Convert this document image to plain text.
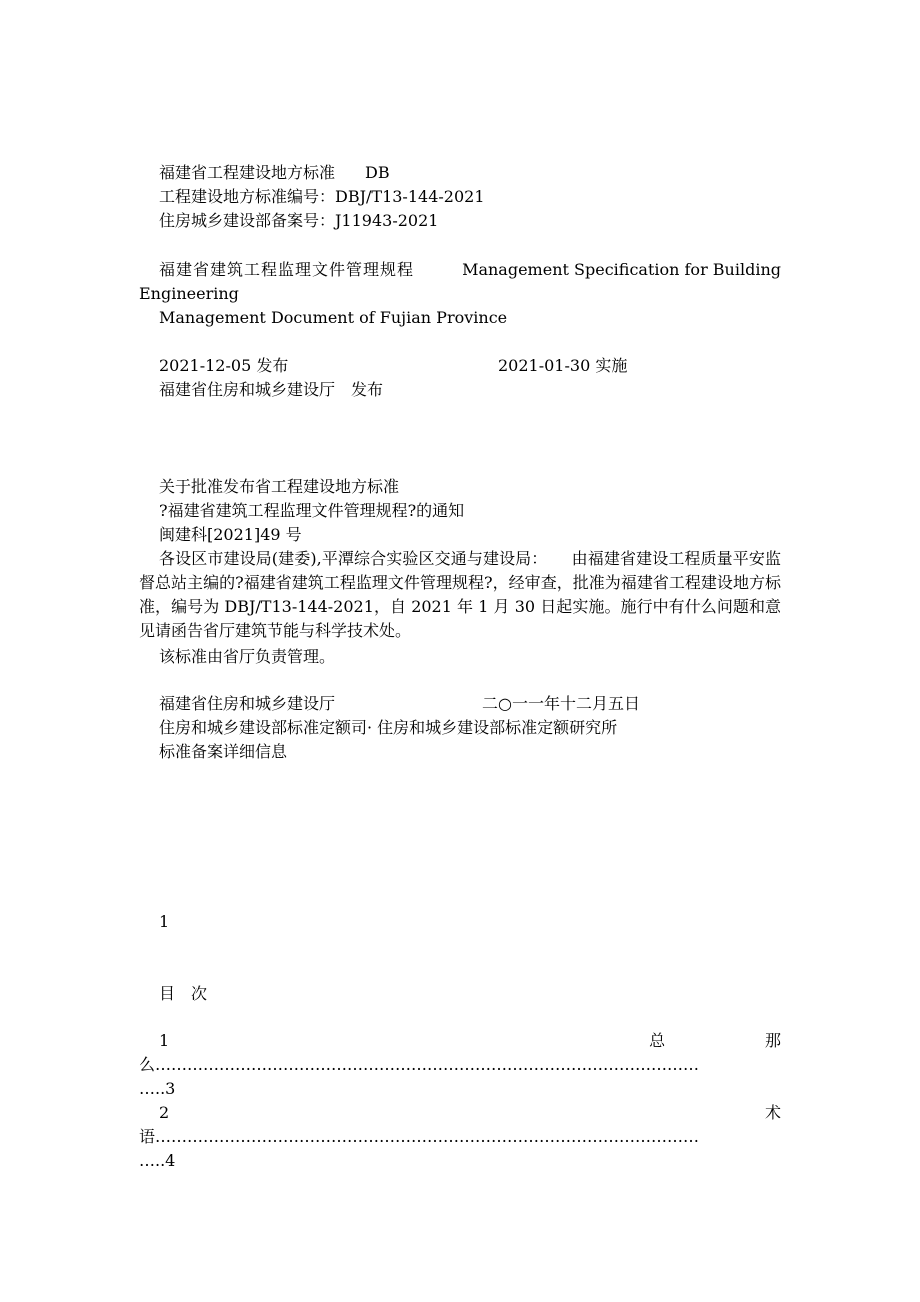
福建省工程建设地方标准 DB
工程建设地方标准编号：DBJ/T13-144-2021
住房城乡建设部备案号：J11943-2021
福建省建筑工程监理文件管理规程	Management Specification for Building
Engineering
Management Document of Fujian Province
2021-12-05 发布	2021-01-30 实施
福建省住房和城乡建设厅 发布
关于批准发布省工程建设地方标准
?福建省建筑工程监理文件管理规程?的通知
闽建科[2021]49 号
各设区市建设局(建委),平潭综合实验区交通与建设局：　　由福建省建设工程质量平安监督总站主编的?福建省建筑工程监理文件管理规程?，经审查，批准为福建省工程建设地方标准，编号为 DBJ/T13-144-2021，自 2021 年 1 月 30 日起实施。施行中有什么问题和意见请函告省厅建筑节能与科学技术处。
该标准由省厅负责管理。
福建省住房和城乡建设厅	二○一一年十二月五日
住房和城乡建设部标准定额司· 住房和城乡建设部标准定额研究所
标准备案详细信息
1
目 次
1	总	那
么…………………………………………………………………………………………
…..3
2	术
语…………………………………………………………………………………………
…..4
